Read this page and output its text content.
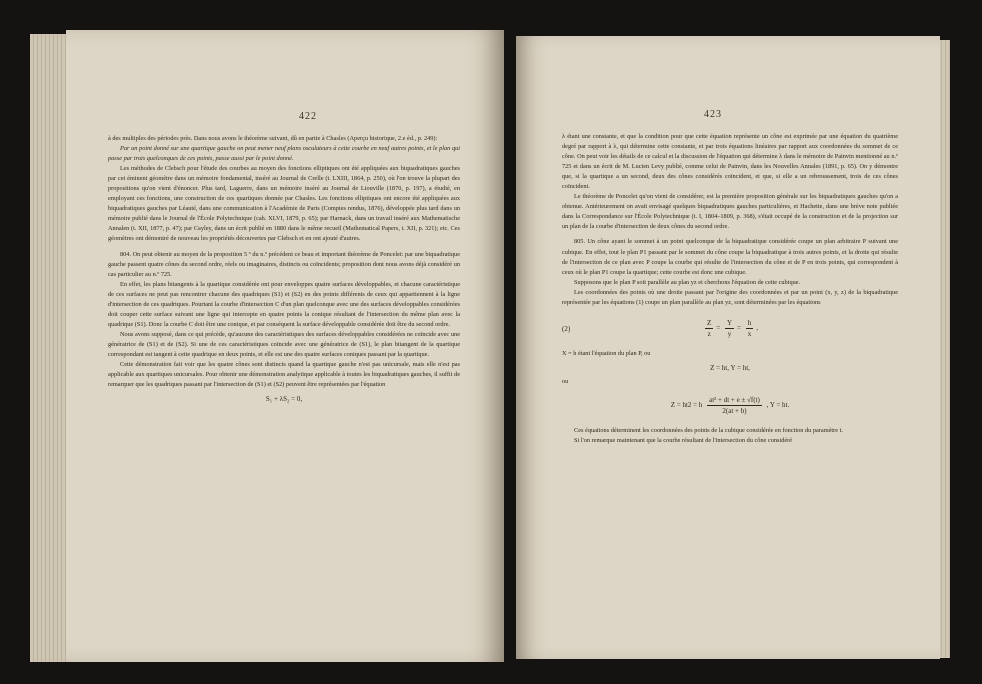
422

à des multiples des périodes près. Dans nous avons le théorème suivant, dû en partie à Chasles (Aperçu historique, 2.e éd., p. 249):

Par un point donné sur une quartique gauche on peut mener neuf plans osculateurs à cette courbe en neuf autres points, et le plan qui passe par trois quelconques de ces points, passe aussi par le point donné.

Les méthodes de Clebsch pour l'étude des courbes au moyen des fonctions elliptiques ont été appliquées aux biquadratiques gauches par cet éminent géomètre dans un mémoire fondamental, inséré au Journal de Crelle (t. LXIII, 1864, p. 250), où l'on trouve la plupart des propositions qu'on vient d'énoncer. Plus tard, Laguerre, dans un mémoire inséré au Journal de Liouville (1870, p. 197), a étudié, en employant ces fonctions, une construction de ces quartiques donnée par Chasles. Les fonctions elliptiques ont encore été appliquées aux biquadratiques gauches par Léauté, dans une communication à l'Académie de Paris (Comptes rendus, 1876), développée plus tard dans un mémoire publié dans le Journal de l'École Polytechnique (cah. XLVI, 1879, p. 65); par Harnack, dans un travail inséré aux Mathematische Annalen (t. XII, 1877, p. 47); par Cayley, dans un écrit publié en 1880 dans le même recueil (Mathematical Papers, t. XII, p. 321); etc. Ces géomètres ont démontré de nouveau les propriétés découvertes par Clebsch et en ont ajouté d'autres.

804. On peut obtenir au moyen de la proposition 5 º du n.º précédent ce beau et important théorème de Poncelet: par une biquadratique gauche passent quatre cônes du second ordre, réels ou imaginaires, distincts ou coïncidents; proposition dont nous avons déjà considéré un cas particulier au n.º 725.

En effet, les plans bitangents à la quartique considérée ont pour enveloppes quatre surfaces développables, et chacune caractéristique de ces surfaces ne peut pas rencontrer chacune des quadriques (S1) et (S2) en des points différents de ceux qui appartiennent à la ligne d'intersection de ces quadriques. Pourtant la courbe d'intersection C d'un plan quelconque avec une des surfaces développables considérées doit couper cette surface suivant une ligne qui intercepte en quatre points la conique résultant de l'intersection du même plan avec la quadrique (S1). Donc la courbe C doit être une conique, et par conséquent la surface développable considérée doit être du second ordre.

Nous avons supposé, dans ce qui précède, qu'aucune des caractéristiques des surfaces développables considérées ne coïncide avec une génératrice de (S1) et de (S2). Si une de ces caractéristiques coïncide avec une génératrice de (S1), le plan bitangent de la quartique correspondant est tangent à cette quadrique en deux points, et elle est une des quatre surfaces coniques passant par la quartique.

Cette démonstration fait voir que les quatre cônes sont distincts quand la quartique gauche n'est pas unicursale, mais elle n'est pas applicable aux quartiques unicursales. Pour obtenir une démonstration analytique applicable à toutes les biquadratiques gauches, il suffit de remarquer que les quadriques passant par l'intersection de (S1) et (S2) peuvent être représentées par l'équation

S₁ + λS₂ = 0,
423

λ étant une constante, et que la condition pour que cette équation représente un cône est exprimée par une équation du quatrième degré par rapport à λ, qui détermine cette constante, et par trois équations linéaires par rapport aux coordonnées du sommet de ce cône. On peut voir les détails de ce calcul et la discussion de l'équation qui détermine λ dans le mémoire de Painvin mentionné au n.º 725 et dans un écrit de M. Lucien Levy publié, comme celui de Painvin, dans les Nouvelles Annales (1891, p. 65). On y démontre que, si la quartique a un second, deux des cônes considérés coïncident, et que, si elle a un rebroussement, trois de ces cônes coïncident.

Le théorème de Poncelet qu'on vient de considérer, est la première proposition générale sur les biquadratiques gauches qu'on a obtenue. Antérieurement on avait envisagé quelques biquadratiques gauches particulières, et Hachette, dans une brève note publiée dans la Correspondance sur l'École Polytechnique (t. I, 1804–1809, p. 368), s'était occupé de la construction et de la projection sur un plan de la courbe d'intersection de deux cônes du second ordre.

805. Un cône ayant le sommet à un point quelconque de la biquadratique considérée coupe un plan arbitraire P suivant une cubique. En effet, tout le plan P1 passant par le sommet du cône coupe la biquadratique à trois autres points, et la droite qui résulte de l'intersection de ce plan avec P coupe la courbe qui résulte de l'intersection du cône et de P en trois points, qui correspondent à ceux où le plan P1 coupe la quartique; cette courbe est donc une cubique.

Supposons que le plan P soit parallèle au plan yz et cherchons l'équation de cette cubique.

Les coordonnées des points où une droite passant par l'origine des coordonnées et par un point (x, y, z) de la biquadratique représentée par les équations (1) coupe un plan parallèle au plan yz, sont déterminées par les équations

(2)	$\frac{Z}{z} = \frac{Y}{y} = \frac{h}{x}$ ,

X = h étant l'équation du plan P, ou

Z = ht, Y = ht,

ou

Z = ht2 = h $\frac{\text{at² + dt + e ± √f(t)}}{2(at + b)}$ , Y = ht.

Ces équations déterminent les coordonnées des points de la cubique considérée en fonction du paramètre t.

Si l'on remarque maintenant que la courbe résultant de l'intersection du cône considéré
